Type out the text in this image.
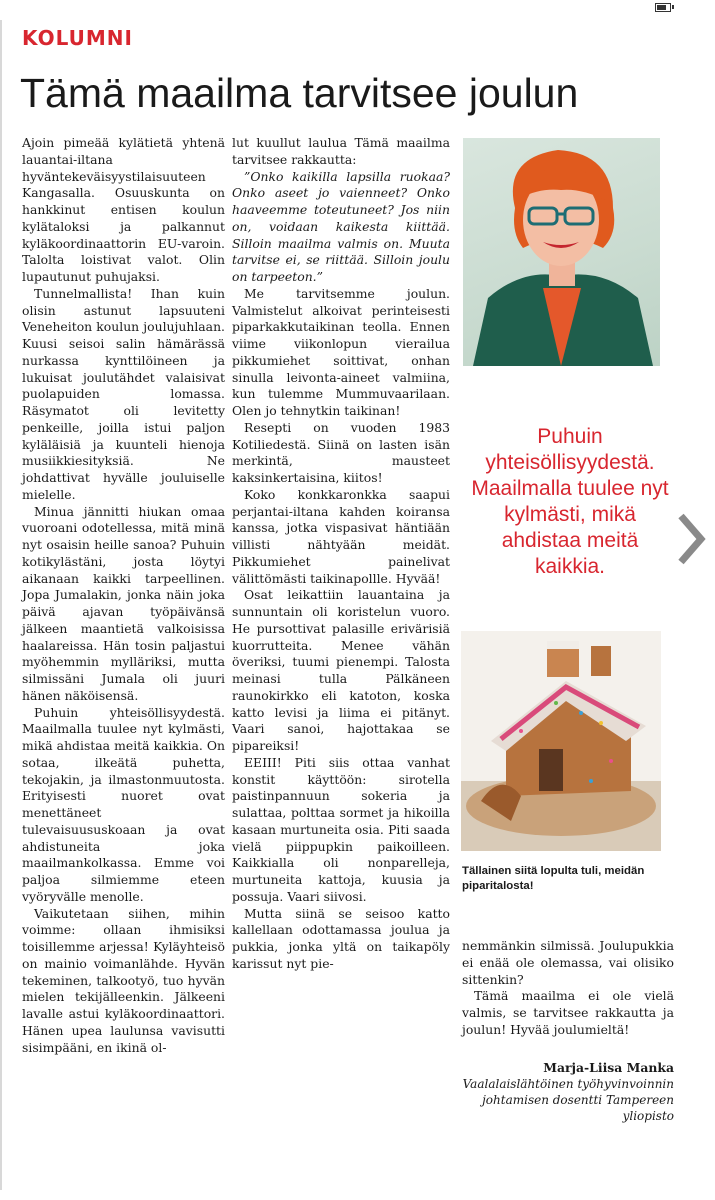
KOLUMNI
Tämä maailma tarvitsee joulun

Ajoin pimeää kylätietä yhtenä lauantai-iltana hyväntekeväisyystilaisuuteen Kangasalla. Osuuskunta on hankkinut entisen koulun kylätaloksi ja palkannut kyläkoordinaattorin EU-varoin. Talolta loistivat valot. Olin lupautunut puhujaksi.

Tunnelmallista! Ihan kuin olisin astunut lapsuuteni Veneheiton koulun joulujuhlaan. Kuusi seisoi salin hämärässä nurkassa kynttilöineen ja lukuisat joulutähdet valaisivat puolapuiden lomassa. Räsymatot oli levitetty penkeille, joilla istui paljon kyläläisiä ja kuunteli hienoja musiikkiesityksiä. Ne johdattivat hyvälle jouluiselle mielelle.

Minua jännitti hiukan omaa vuoroani odotellessa, mitä minä nyt osaisin heille sanoa? Puhuin kotikylästäni, josta löytyi aikanaan kaikki tarpeellinen. Jopa Jumalakin, jonka näin joka päivä ajavan työpäivänsä jälkeen maantietä valkoisissa haalareissa. Hän tosin paljastui myöhemmin mylläriksi, mutta silmissäni Jumala oli juuri hänen näköisensä.

Puhuin yhteisöllisyydestä. Maailmalla tuulee nyt kylmästi, mikä ahdistaa meitä kaikkia. On sotaa, ilkeätä puhetta, tekojakin, ja ilmastonmuutosta. Erityisesti nuoret ovat menettäneet tulevaisuususkoaan ja ovat ahdistuneita joka maailmankolkassa. Emme voi paljoa silmiemme eteen vyöryvälle menolle.

Vaikutetaan siihen, mihin voimme: ollaan ihmisiksi toisillemme arjessa! Kyläyhteisö on mainio voimanlähde. Hyvän tekeminen, talkootyö, tuo hyvän mielen tekijälleenkin. Jälkeeni lavalle astui kyläkoordinaattori. Hänen upea laulunsa vavisutti sisimpääni, en ikinä ol-

lut kuullut laulua Tämä maailma tarvitsee rakkautta:

”Onko kaikilla lapsilla ruokaa? Onko aseet jo vaienneet? Onko haaveemme toteutuneet? Jos niin on, voidaan kaikesta kiittää. Silloin maailma valmis on. Muuta tarvitse ei, se riittää. Silloin joulu on tarpeeton.”

Me tarvitsemme joulun. Valmistelut alkoivat perinteisesti piparkakkutaikinan teolla. Ennen viime viikonlopun vierailua pikkumiehet soittivat, onhan sinulla leivonta-aineet valmiina, kun tulemme Mummuvaarilaan. Olen jo tehnytkin taikinan!

Resepti on vuoden 1983 Kotiliedestä. Siinä on lasten isän merkintä, mausteet kaksinkertaisina, kiitos!

Koko konkkaronkka saapui perjantai-iltana kahden koiransa kanssa, jotka vispasivat häntiään villisti nähtyään meidät. Pikkumiehet painelivat välittömästi taikinapollle. Hyvää!

Osat leikattiin lauantaina ja sunnuntain oli koristelun vuoro. He pursottivat palasille erivärisiä kuorrutteita. Menee vähän överiksi, tuumi pienempi. Talosta meinasi tulla Pälkäneen raunokirkko eli katoton, koska katto levisi ja liima ei pitänyt. Vaari sanoi, hajottakaa se pipareiksi!

EEIII! Piti siis ottaa vanhat konstit käyttöön: sirotella paistinpannuun sokeria ja sulattaa, polttaa sormet ja hikoilla kasaan murtuneita osia. Piti saada vielä piippupkin paikoilleen. Kaikkialla oli nonparelleja, murtuneita kattoja, kuusia ja possuja. Vaari siivosi.

Mutta siinä se seisoo katto kallellaan odottamassa joulua ja pukkia, jonka yltä on taikapöly karissut nyt pie-

Puhuin yhteisöllisyydestä. Maailmalla tuulee nyt kylmästi, mikä ahdistaa meitä kaikkia.
Tällainen siitä lopulta tuli, meidän piparitalosta!

nemmänkin silmissä. Joulupukkia ei enää ole olemassa, vai olisiko sittenkin?

Tämä maailma ei ole vielä valmis, se tarvitsee rakkautta ja joulun! Hyvää joulumieltä!

Marja-Liisa Manka
Vaalalaislähtöinen työhyvinvoinnin johtamisen dosentti Tampereen yliopisto
